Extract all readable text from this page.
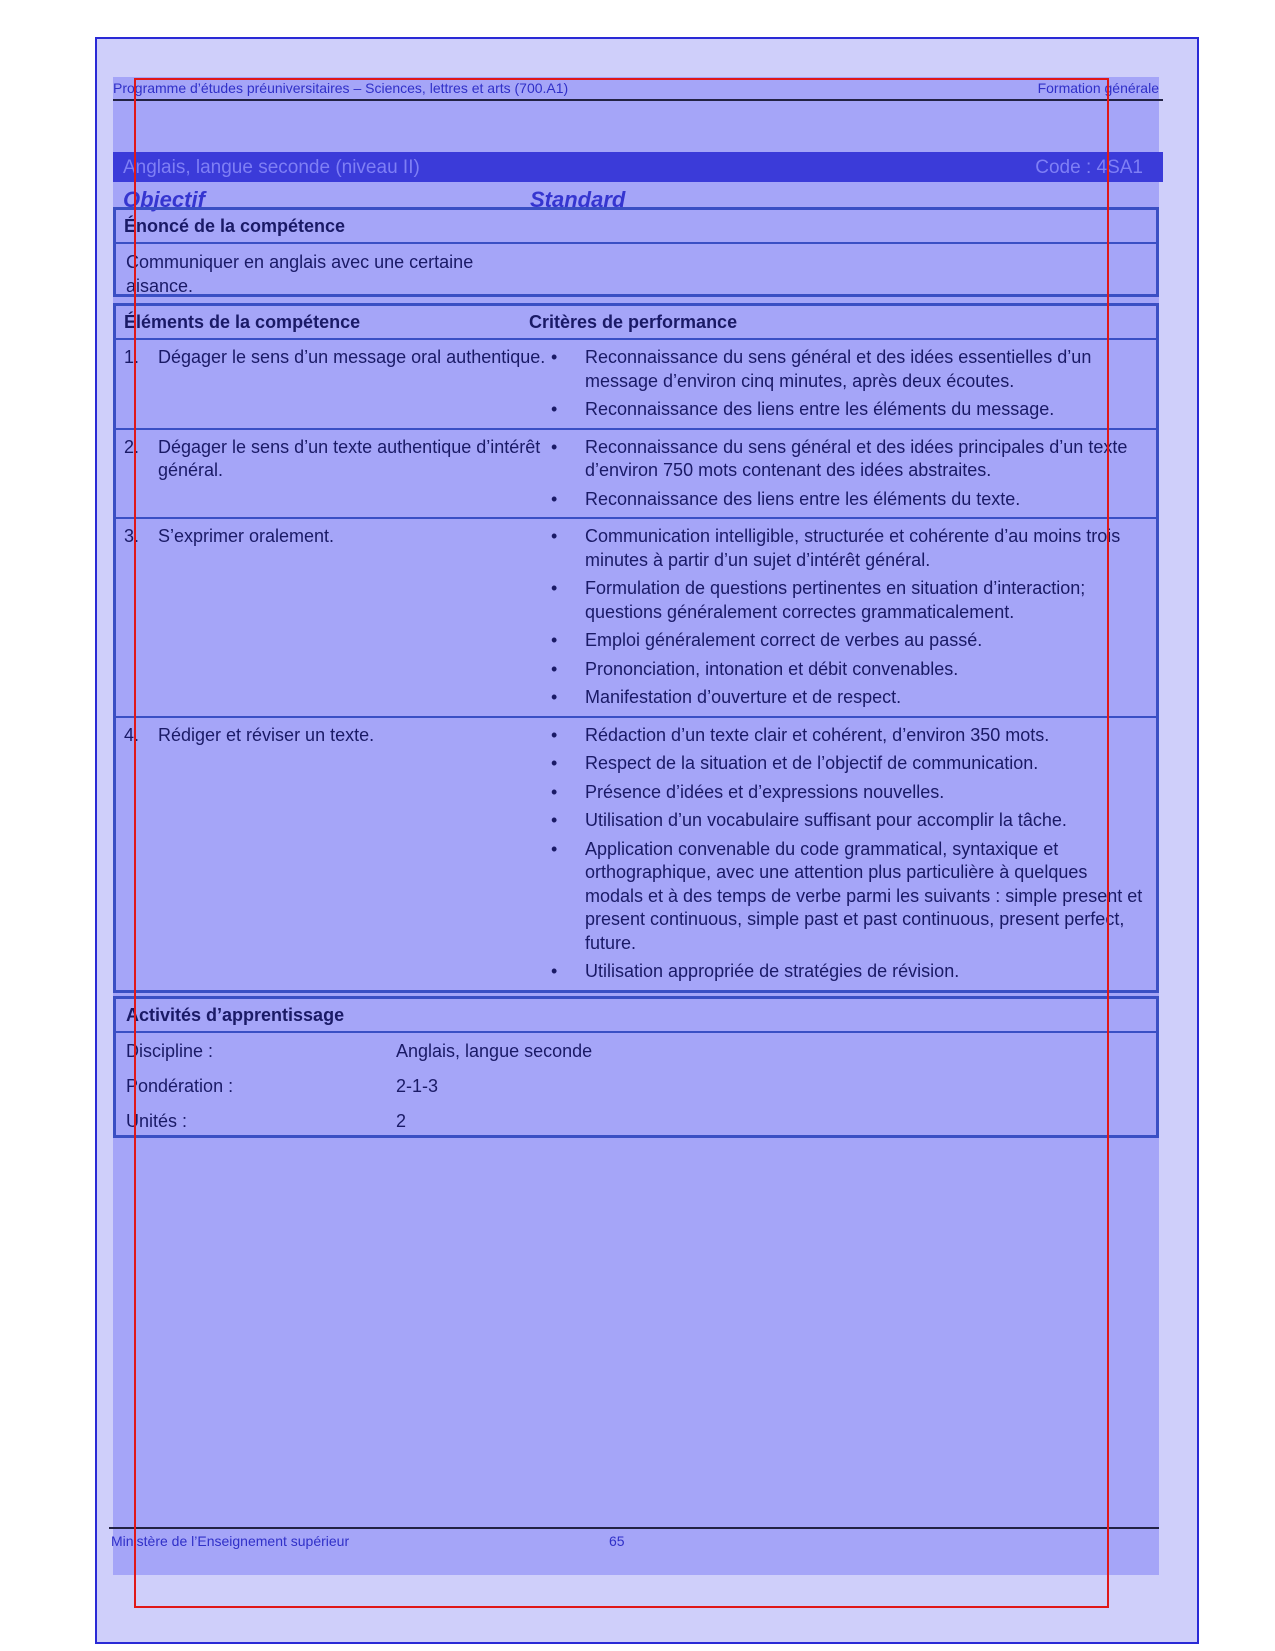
Programme d’études préuniversitaires – Sciences, lettres et arts (700.A1)	Formation générale
Anglais, langue seconde (niveau II)	Code : 4SA1
Objectif	Standard
Énoncé de la compétence
Communiquer en anglais avec une certaine aisance.
Éléments de la compétence	Critères de performance
1. Dégager le sens d’un message oral authentique. • Reconnaissance du sens général et des idées essentielles d’un message d’environ cinq minutes, après deux écoutes.
• Reconnaissance des liens entre les éléments du message.
2. Dégager le sens d’un texte authentique d’intérêt général.
• Reconnaissance du sens général et des idées principales d’un texte d’environ 750 mots contenant des idées abstraites.
• Reconnaissance des liens entre les éléments du texte.
3. S’exprimer oralement.	• Communication intelligible, structurée et cohérente d’au moins trois minutes à partir d’un sujet d’intérêt général.
• Formulation de questions pertinentes en situation d’interaction; questions généralement correctes grammaticalement.
• Emploi généralement correct de verbes au passé.
• Prononciation, intonation et débit convenables.
• Manifestation d’ouverture et de respect.
4. Rédiger et réviser un texte.	• Rédaction d’un texte clair et cohérent, d’environ 350 mots.
• Respect de la situation et de l’objectif de communication.
• Présence d’idées et d’expressions nouvelles.
• Utilisation d’un vocabulaire suffisant pour accomplir la tâche.
• Application convenable du code grammatical, syntaxique et orthographique, avec une attention plus particulière à quelques modals et à des temps de verbe parmi les suivants : simple present et present continuous, simple past et past continuous, present perfect, future.
• Utilisation appropriée de stratégies de révision.
Activités d’apprentissage
Discipline :	Anglais, langue seconde
Pondération :	2-1-3
Unités :	2
Ministère de l’Enseignement supérieur	65
